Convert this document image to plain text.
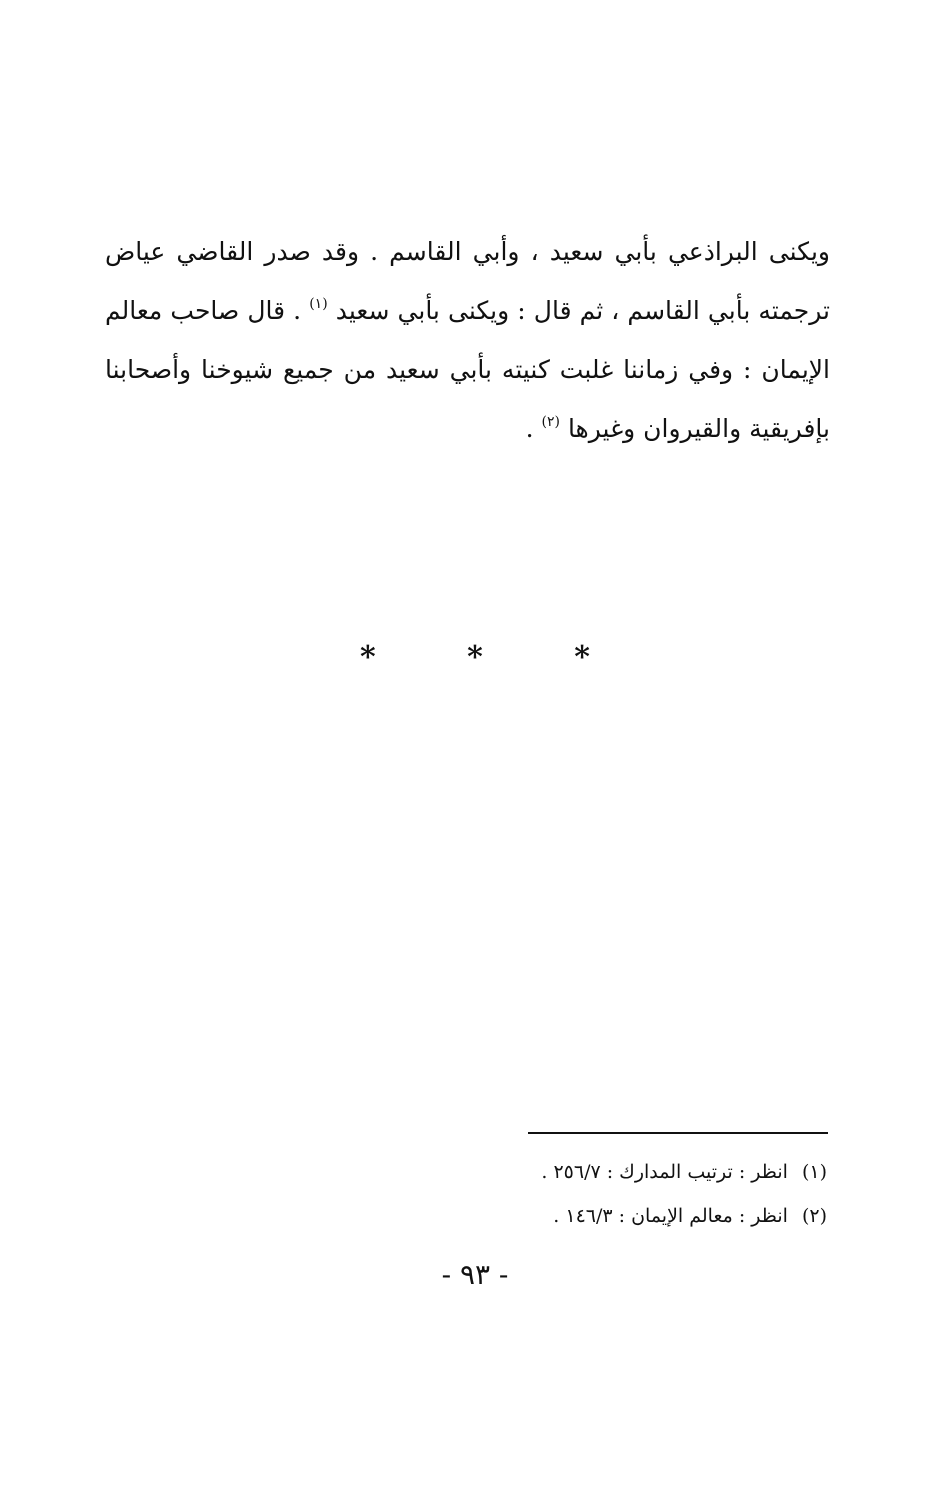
ويكنى البراذعي بأبي سعيد ، وأبي القاسم . وقد صدر القاضي عياض
ترجمته بأبي القاسم ، ثم قال : ويكنى بأبي سعيد $^{(١)}$ . قال صاحب معالم
الإيمان : وفي زماننا غلبت كنيته بأبي سعيد من جميع شيوخنا وأصحابنا
بإفريقية والقيروان وغيرها $^{(٢)}$ .
*	*	*
(١)انظر : ترتيب المدارك : ٢٥٦/٧ .
(٢)انظر : معالم الإيمان : ١٤٦/٣ .
- ٩٣ -
